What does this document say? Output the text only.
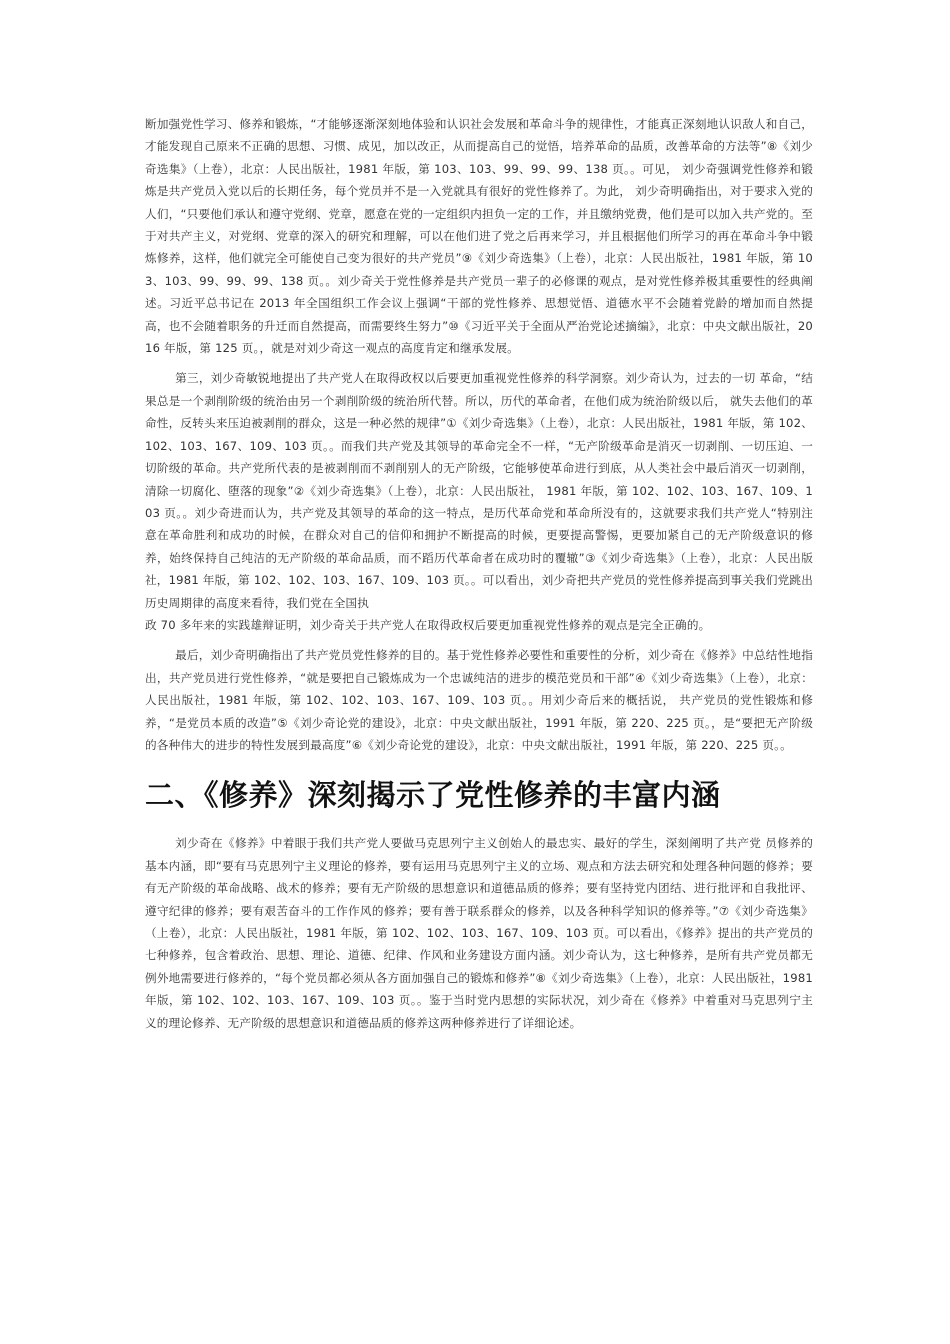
断加强党性学习、修养和锻炼，“才能够逐渐深刻地体验和认识社会发展和革命斗争的规律性，才能真正深刻地认识敌人和自己，才能发现自己原来不正确的思想、习惯、成见，加以改正，从而提高自己的觉悟，培养革命的品质，改善革命的方法等”⑧《刘少奇选集》（上卷），北京：人民出版社，1981 年版，第 103、103、99、99、99、138 页。。可见， 刘少奇强调党性修养和锻炼是共产党员入党以后的长期任务，每个党员并不是一入党就具有很好的党性修养了。为此， 刘少奇明确指出，对于要求入党的人们，“只要他们承认和遵守党纲、党章，愿意在党的一定组织内担负一定的工作，并且缴纳党费，他们是可以加入共产党的。至于对共产主义，对党纲、党章的深入的研究和理解，可以在他们进了党之后再来学习，并且根据他们所学习的再在革命斗争中锻炼修养，这样，他们就完全可能使自己变为很好的共产党员”⑨《刘少奇选集》（上卷），北京：人民出版社，1981 年版，第 103、103、99、99、99、138 页。。刘少奇关于党性修养是共产党员一辈子的必修课的观点，是对党性修养极其重要性的经典阐述。习近平总书记在 2013 年全国组织工作会议上强调“干部的党性修养、思想觉悟、道德水平不会随着党龄的增加而自然提高，也不会随着职务的升迁而自然提高，而需要终生努力”⑩《习近平关于全面从严治党论述摘编》，北京：中央文献出版社，2016 年版，第 125 页。，就是对刘少奇这一观点的高度肯定和继承发展。

第三，刘少奇敏锐地提出了共产党人在取得政权以后要更加重视党性修养的科学洞察。刘少奇认为，过去的一切 革命，“结果总是一个剥削阶级的统治由另一个剥削阶级的统治所代替。所以，历代的革命者，在他们成为统治阶级以后， 就失去他们的革命性，反转头来压迫被剥削的群众，这是一种必然的规律”①《刘少奇选集》（上卷），北京：人民出版社，1981 年版，第 102、102、103、167、109、103 页。。而我们共产党及其领导的革命完全不一样，“无产阶级革命是消灭一切剥削、一切压迫、一切阶级的革命。共产党所代表的是被剥削而不剥削别人的无产阶级，它能够使革命进行到底，从人类社会中最后消灭一切剥削，清除一切腐化、堕落的现象”②《刘少奇选集》（上卷），北京：人民出版社， 1981 年版，第 102、102、103、167、109、103 页。。刘少奇进而认为，共产党及其领导的革命的这一特点，是历代革命党和革命所没有的，这就要求我们共产党人“特别注意在革命胜利和成功的时候，在群众对自己的信仰和拥护不断提高的时候，更要提高警惕，更要加紧自己的无产阶级意识的修养，始终保持自己纯洁的无产阶级的革命品质，而不蹈历代革命者在成功时的覆辙”③《刘少奇选集》（上卷），北京：人民出版社，1981 年版，第 102、102、103、167、109、103 页。。可以看出，刘少奇把共产党员的党性修养提高到事关我们党跳出历史周期律的高度来看待，我们党在全国执

政 70 多年来的实践雄辩证明，刘少奇关于共产党人在取得政权后要更加重视党性修养的观点是完全正确的。

最后，刘少奇明确指出了共产党员党性修养的目的。基于党性修养必要性和重要性的分析，刘少奇在《修养》中总结性地指出，共产党员进行党性修养，“就是要把自己锻炼成为一个忠诚纯洁的进步的模范党员和干部”④《刘少奇选集》（上卷），北京：人民出版社，1981 年版，第 102、102、103、167、109、103 页。。用刘少奇后来的概括说， 共产党员的党性锻炼和修养，“是党员本质的改造”⑤《刘少奇论党的建设》，北京：中央文献出版社，1991 年版，第 220、225 页。，是“要把无产阶级的各种伟大的进步的特性发展到最高度”⑥《刘少奇论党的建设》，北京：中央文献出版社，1991 年版，第 220、225 页。。

二、《修养》深刻揭示了党性修养的丰富内涵

刘少奇在《修养》中着眼于我们共产党人要做马克思列宁主义创始人的最忠实、最好的学生，深刻阐明了共产党 员修养的基本内涵，即“要有马克思列宁主义理论的修养，要有运用马克思列宁主义的立场、观点和方法去研究和处理各种问题的修养；要有无产阶级的革命战略、战术的修养；要有无产阶级的思想意识和道德品质的修养；要有坚持党内团结、进行批评和自我批评、遵守纪律的修养；要有艰苦奋斗的工作作风的修养；要有善于联系群众的修养，以及各种科学知识的修养等。”⑦《刘少奇选集》（上卷），北京：人民出版社，1981 年版，第 102、102、103、167、109、103 页。可以看出，《修养》提出的共产党员的七种修养，包含着政治、思想、理论、道德、纪律、作风和业务建设方面内涵。刘少奇认为，这七种修养，是所有共产党员都无例外地需要进行修养的，“每个党员都必须从各方面加强自己的锻炼和修养”⑧《刘少奇选集》（上卷），北京：人民出版社，1981 年版，第 102、102、103、167、109、103 页。。鉴于当时党内思想的实际状况，刘少奇在《修养》中着重对马克思列宁主义的理论修养、无产阶级的思想意识和道德品质的修养这两种修养进行了详细论述。
